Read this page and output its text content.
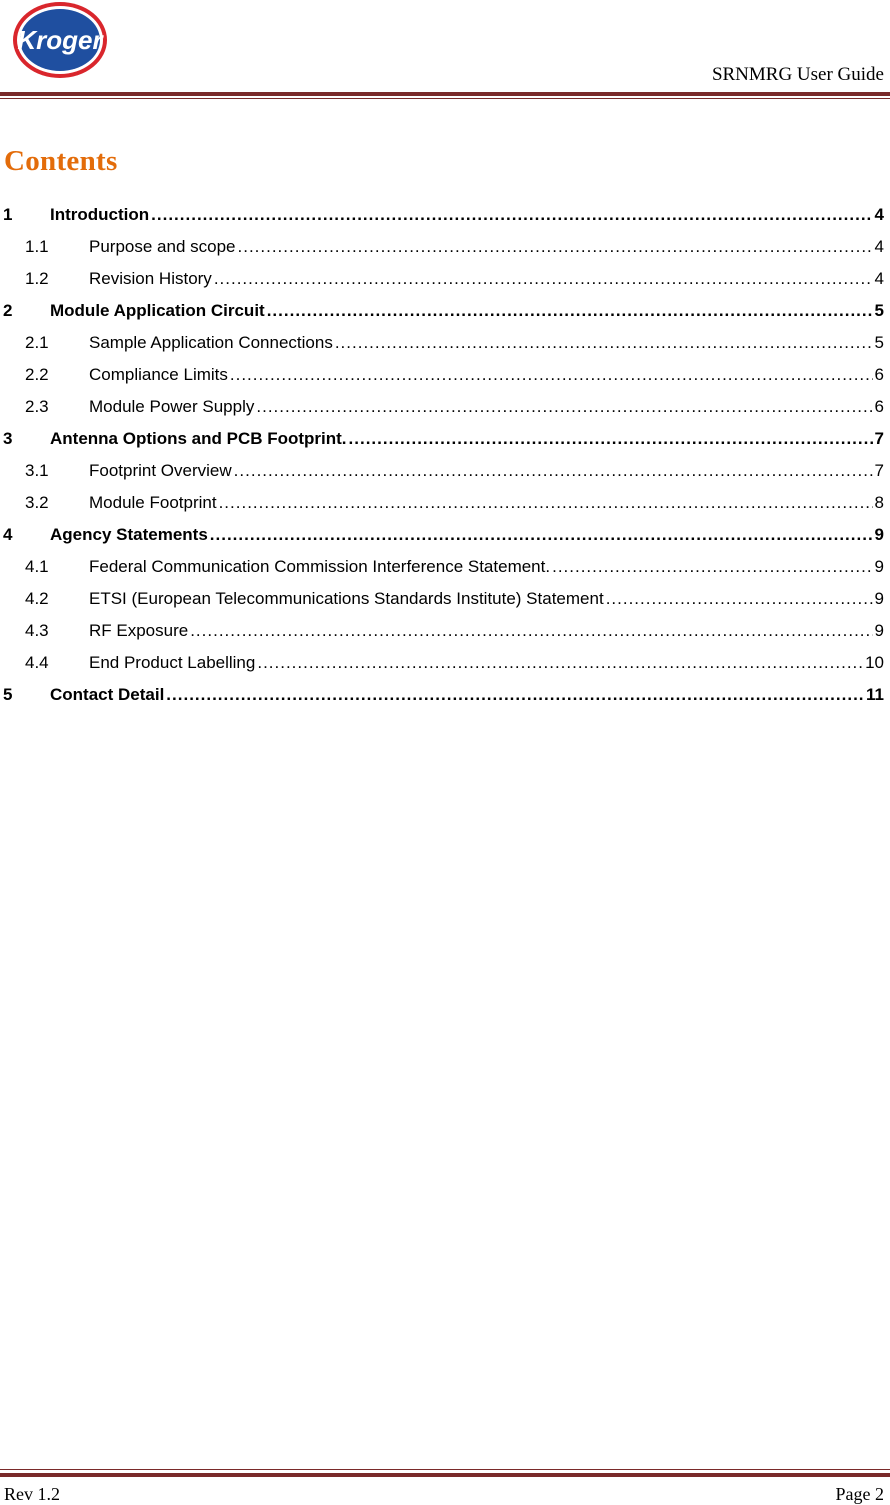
Kroger
SRNMRG User Guide
Contents
1	Introduction .....	4
1.1	Purpose and scope .....	4
1.2	Revision History .....	4
2	Module Application Circuit .....	5
2.1	Sample Application Connections .....	5
2.2	Compliance Limits .....	6
2.3	Module Power Supply .....	6
3	Antenna Options and PCB Footprint. .....	7
3.1	Footprint Overview .....	7
3.2	Module Footprint .....	8
4	Agency Statements .....	9
4.1	Federal Communication Commission Interference Statement. .....	9
4.2	ETSI (European Telecommunications Standards Institute) Statement .....	9
4.3	RF Exposure .....	9
4.4	End Product Labelling .....	10
5	Contact Detail .....	11
Rev 1.2	Page 2
